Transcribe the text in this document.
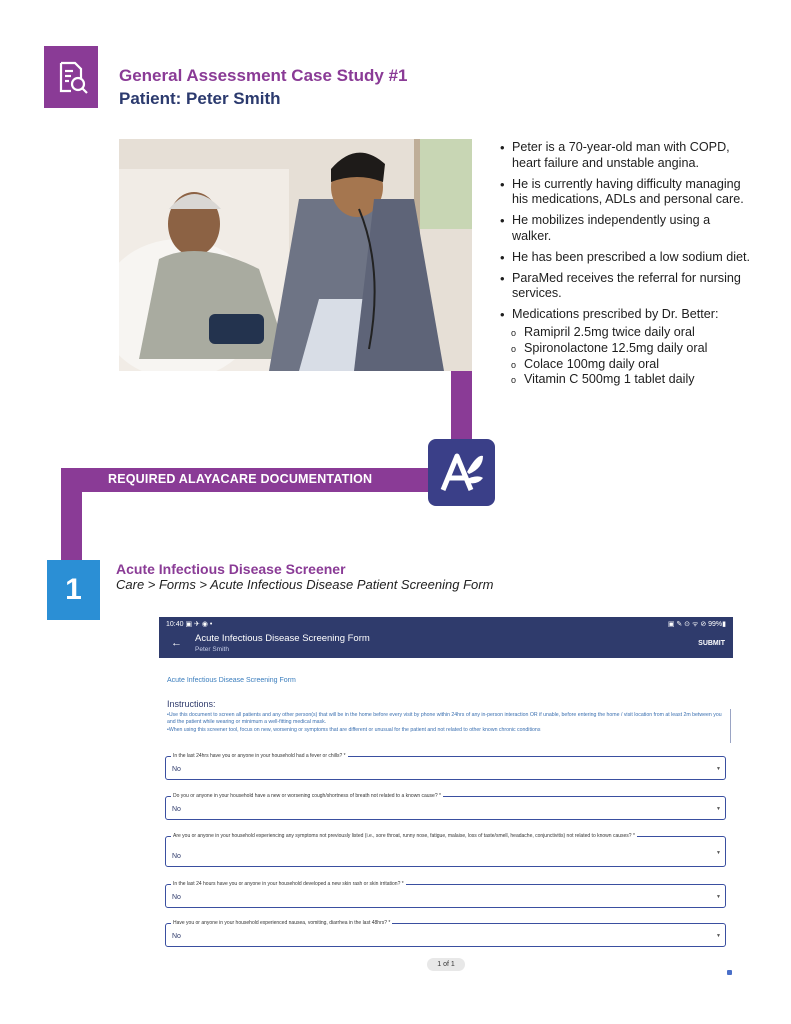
General Assessment Case Study #1
Patient: Peter Smith
• Peter is a 70-year-old man with COPD, heart failure and unstable angina.
• He is currently having difficulty managing his medications, ADLs and personal care.
• He mobilizes independently using a walker.
• He has been prescribed a low sodium diet.
• ParaMed receives the referral for nursing services.
• Medications prescribed by Dr. Better:
o Ramipril 2.5mg twice daily oral
o Spironolactone 12.5mg daily oral
o Colace 100mg daily oral
o Vitamin C 500mg 1 tablet daily
REQUIRED ALAYACARE DOCUMENTATION
1
Acute Infectious Disease Screener
Care > Forms > Acute Infectious Disease Patient Screening Form
10:40 ▣ ✈ ◉ •	▣ ✎ ⊙ ᯤ ⊘ 99%▮
← Acute Infectious Disease Screening Form
Peter Smith
SUBMIT
Acute Infectious Disease Screening Form
Instructions:
•Use this document to screen all patients and any other person(s) that will be in the home before every visit by phone within 24hrs of any in-person interaction OR if unable, before entering the home / visit location from at least 2m between you and the patient while wearing or minimum a well-fitting medical mask.
•When using this screener tool, focus on new, worsening or symptoms that are different or unusual for the patient and not related to other known chronic conditions
In the last 24hrs have you or anyone in your household had a fever or chills? *
No	▼
Do you or anyone in your household have a new or worsening cough/shortness of breath not related to a known cause? *
No	▼
Are you or anyone in your household experiencing any symptoms not previously listed (i.e., sore throat, runny nose, fatigue, malaise, loss of taste/smell, headache, conjunctivitis) not related to known causes? *
No	▼
In the last 24 hours have you or anyone in your household developed a new skin rash or skin irritation? *
No	▼
Have you or anyone in your household experienced nausea, vomiting, diarrhea in the last 48hrs? *
No	▼
1 of 1
